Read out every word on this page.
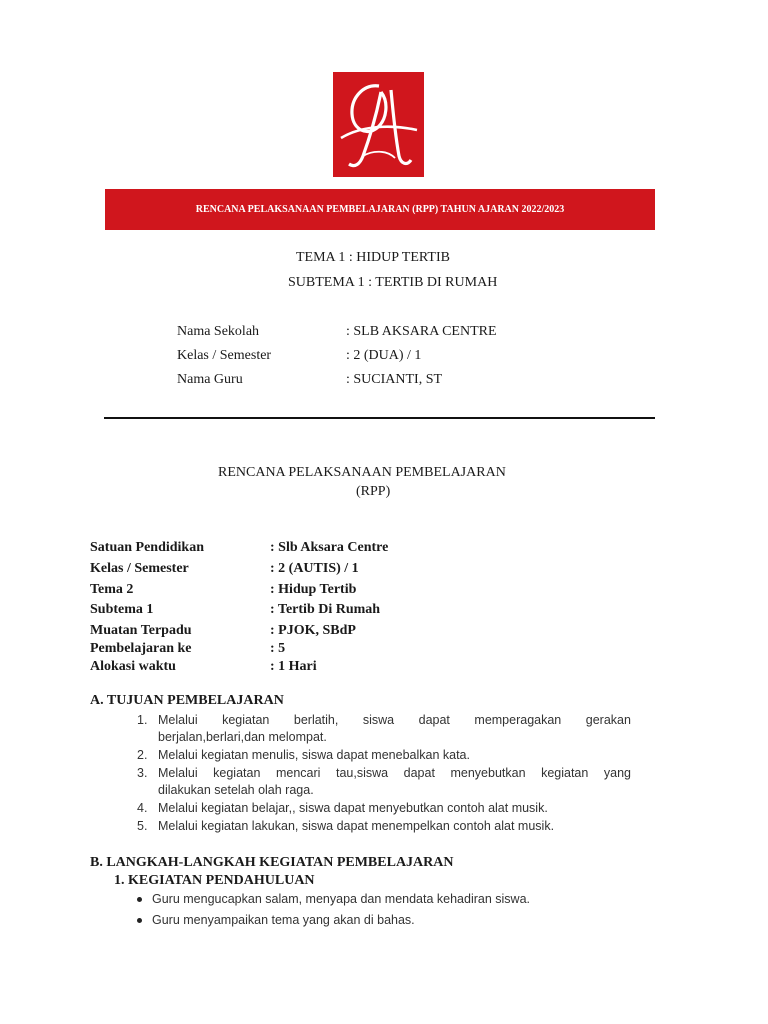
RENCANA PELAKSANAAN PEMBELAJARAN (RPP) TAHUN AJARAN 2022/2023
TEMA 1 : HIDUP TERTIB
SUBTEMA 1 : TERTIB DI RUMAH
Nama Sekolah	: SLB AKSARA CENTRE
Kelas / Semester	: 2 (DUA) / 1
Nama Guru	: SUCIANTI, ST
RENCANA PELAKSANAAN PEMBELAJARAN
(RPP)
Satuan Pendidikan	: Slb Aksara Centre
Kelas / Semester	: 2 (AUTIS) / 1
Tema 2	: Hidup Tertib
Subtema 1	: Tertib Di Rumah
Muatan Terpadu	: PJOK, SBdP
Pembelajaran ke	: 5
Alokasi waktu	: 1 Hari
A. TUJUAN PEMBELAJARAN
1. Melalui kegiatan berlatih, siswa dapat memperagakan gerakan
berjalan,berlari,dan melompat.
2. Melalui kegiatan menulis, siswa dapat menebalkan kata.
3. Melalui kegiatan mencari tau,siswa dapat menyebutkan kegiatan yang
dilakukan setelah olah raga.
4. Melalui kegiatan belajar,, siswa dapat menyebutkan contoh alat musik.
5. Melalui kegiatan lakukan, siswa dapat menempelkan contoh alat musik.
B. LANGKAH-LANGKAH KEGIATAN PEMBELAJARAN
1. KEGIATAN PENDAHULUAN
Guru mengucapkan salam, menyapa dan mendata kehadiran siswa.
Guru menyampaikan tema yang akan di bahas.
